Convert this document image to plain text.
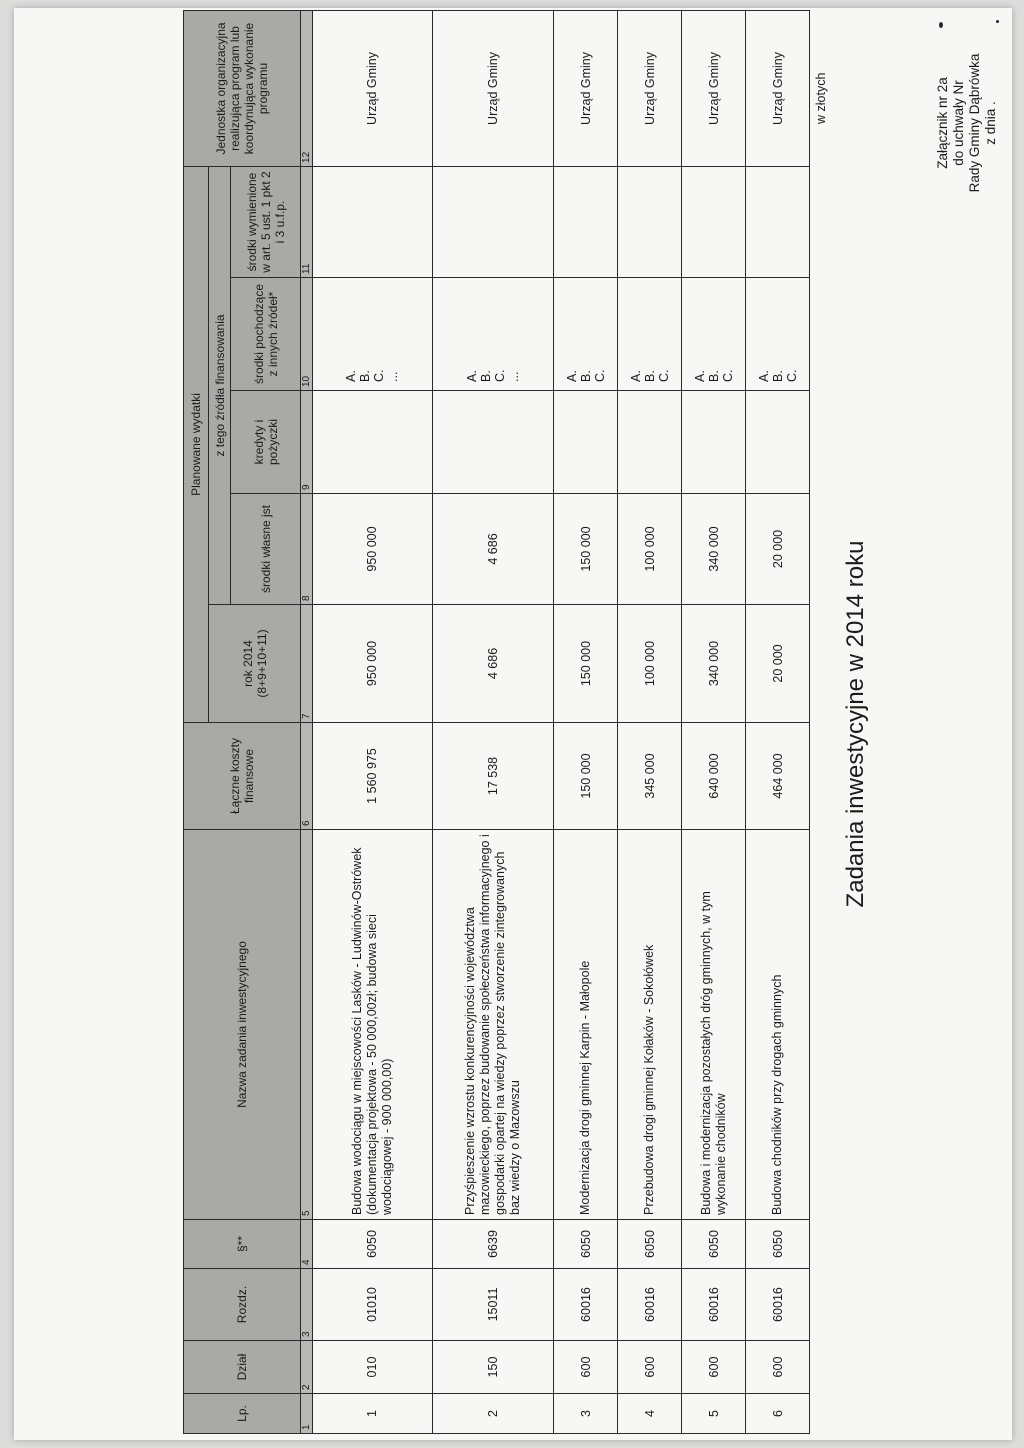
Załącznik nr 2a do uchwały Nr Rady Gminy Dąbrówka z dnia .
Zadania inwestycyjne w 2014 roku
w złotych
Lp.	Dział	Rozdz.	§**	Nazwa zadania inwestycyjnego	Łączne koszty finansowe	Planowane wydatki					Jednostka organizacyjna realizująca program lub koordynująca wykonanie programu

						rok 2014 (8+9+10+11)	z tego źródła finansowania				
							środki własne jst	kredyty i pożyczki	środki pochodzące z innych źródeł*	środki wymienione w art. 5 ust. 1 pkt 2 i 3 u.f.p.	
1	2	3	4	5	6	7	8	9	10	11	12
1	010	01010	6050	Budowa wodociągu w miejscowości Lasków - Ludwinów-Ostrówek (dokumentacja projektowa - 50 000,00zł; budowa sieci wodociągowej - 900 000,00)	1 560 975	950 000	950 000		A. B. C. ...		Urząd Gminy
2	150	15011	6639	Przyśpieszenie wzrostu konkurencyjności województwa mazowieckiego, poprzez budowanie społeczeństwa informacyjnego i gospodarki opartej na wiedzy poprzez stworzenie zintegrowanych baz wiedzy o Mazowszu	17 538	4 686	4 686		A. B. C. ...		Urząd Gminy
3	600	60016	6050	Modernizacja drogi gminnej Karpin - Małopole	150 000	150 000	150 000		A. B. C.		Urząd Gminy
4	600	60016	6050	Przebudowa drogi gminnej Kołaków - Sokołówek	345 000	100 000	100 000		A. B. C.		Urząd Gminy
5	600	60016	6050	Budowa i modernizacja pozostałych dróg gminnych, w tym wykonanie chodników	640 000	340 000	340 000		A. B. C.		Urząd Gminy
6	600	60016	6050	Budowa chodników przy drogach gminnych	464 000	20 000	20 000		A. B. C.		Urząd Gminy
